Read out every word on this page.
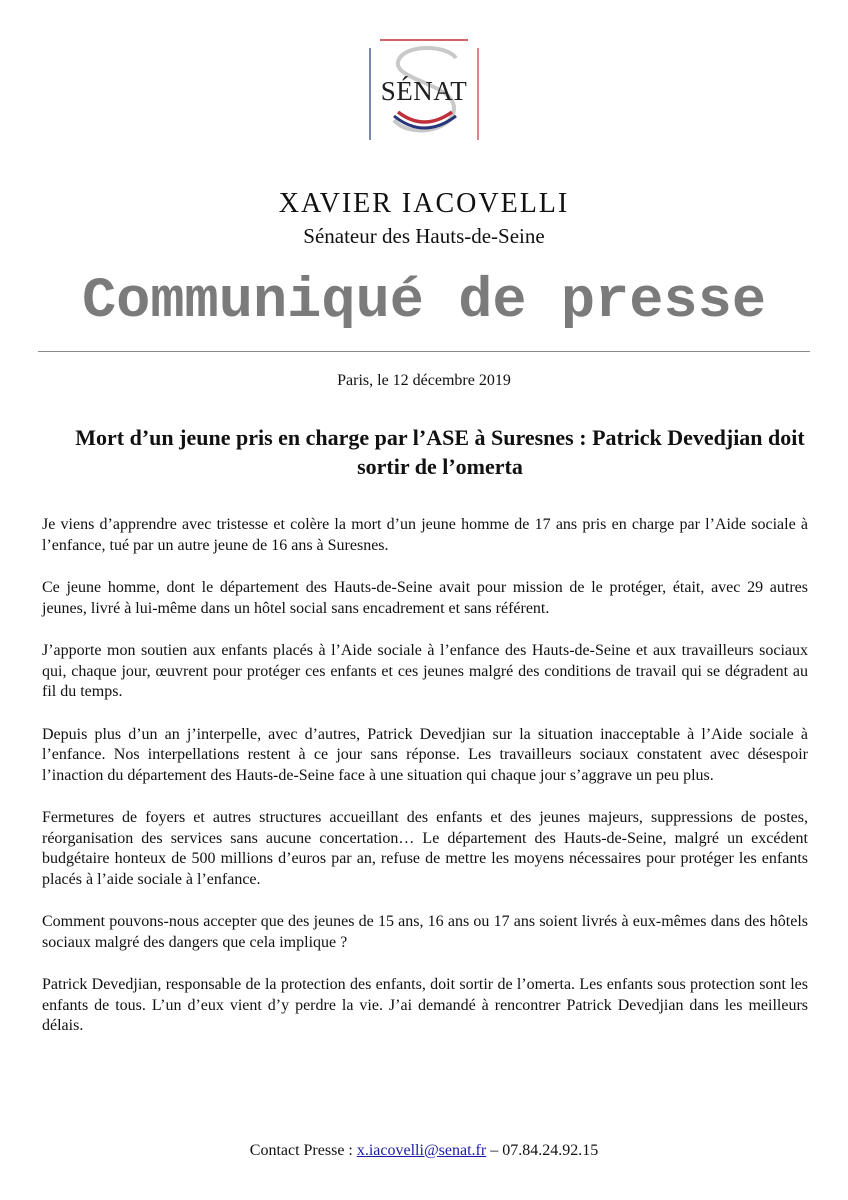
SÉNAT
XAVIER IACOVELLI
Sénateur des Hauts-de-Seine
Communiqué de presse
Paris, le 12 décembre 2019
Mort d’un jeune pris en charge par l’ASE à Suresnes : Patrick Devedjian doit sortir de l’omerta

Je viens d’apprendre avec tristesse et colère la mort d’un jeune homme de 17 ans pris en charge par l’Aide sociale à l’enfance, tué par un autre jeune de 16 ans à Suresnes.

Ce jeune homme, dont le département des Hauts-de-Seine avait pour mission de le protéger, était, avec 29 autres jeunes, livré à lui-même dans un hôtel social sans encadrement et sans référent.

J’apporte mon soutien aux enfants placés à l’Aide sociale à l’enfance des Hauts-de-Seine et aux travailleurs sociaux qui, chaque jour, œuvrent pour protéger ces enfants et ces jeunes malgré des conditions de travail qui se dégradent au fil du temps.

Depuis plus d’un an j’interpelle, avec d’autres, Patrick Devedjian sur la situation inacceptable à l’Aide sociale à l’enfance. Nos interpellations restent à ce jour sans réponse. Les travailleurs sociaux constatent avec désespoir l’inaction du département des Hauts-de-Seine face à une situation qui chaque jour s’aggrave un peu plus.

Fermetures de foyers et autres structures accueillant des enfants et des jeunes majeurs, suppressions de postes, réorganisation des services sans aucune concertation… Le département des Hauts-de-Seine, malgré un excédent budgétaire honteux de 500 millions d’euros par an, refuse de mettre les moyens nécessaires pour protéger les enfants placés à l’aide sociale à l’enfance.

Comment pouvons-nous accepter que des jeunes de 15 ans, 16 ans ou 17 ans soient livrés à eux-mêmes dans des hôtels sociaux malgré des dangers que cela implique ?

Patrick Devedjian, responsable de la protection des enfants, doit sortir de l’omerta. Les enfants sous protection sont les enfants de tous. L’un d’eux vient d’y perdre la vie. J’ai demandé à rencontrer Patrick Devedjian dans les meilleurs délais.

Contact Presse : x.iacovelli@senat.fr – 07.84.24.92.15
